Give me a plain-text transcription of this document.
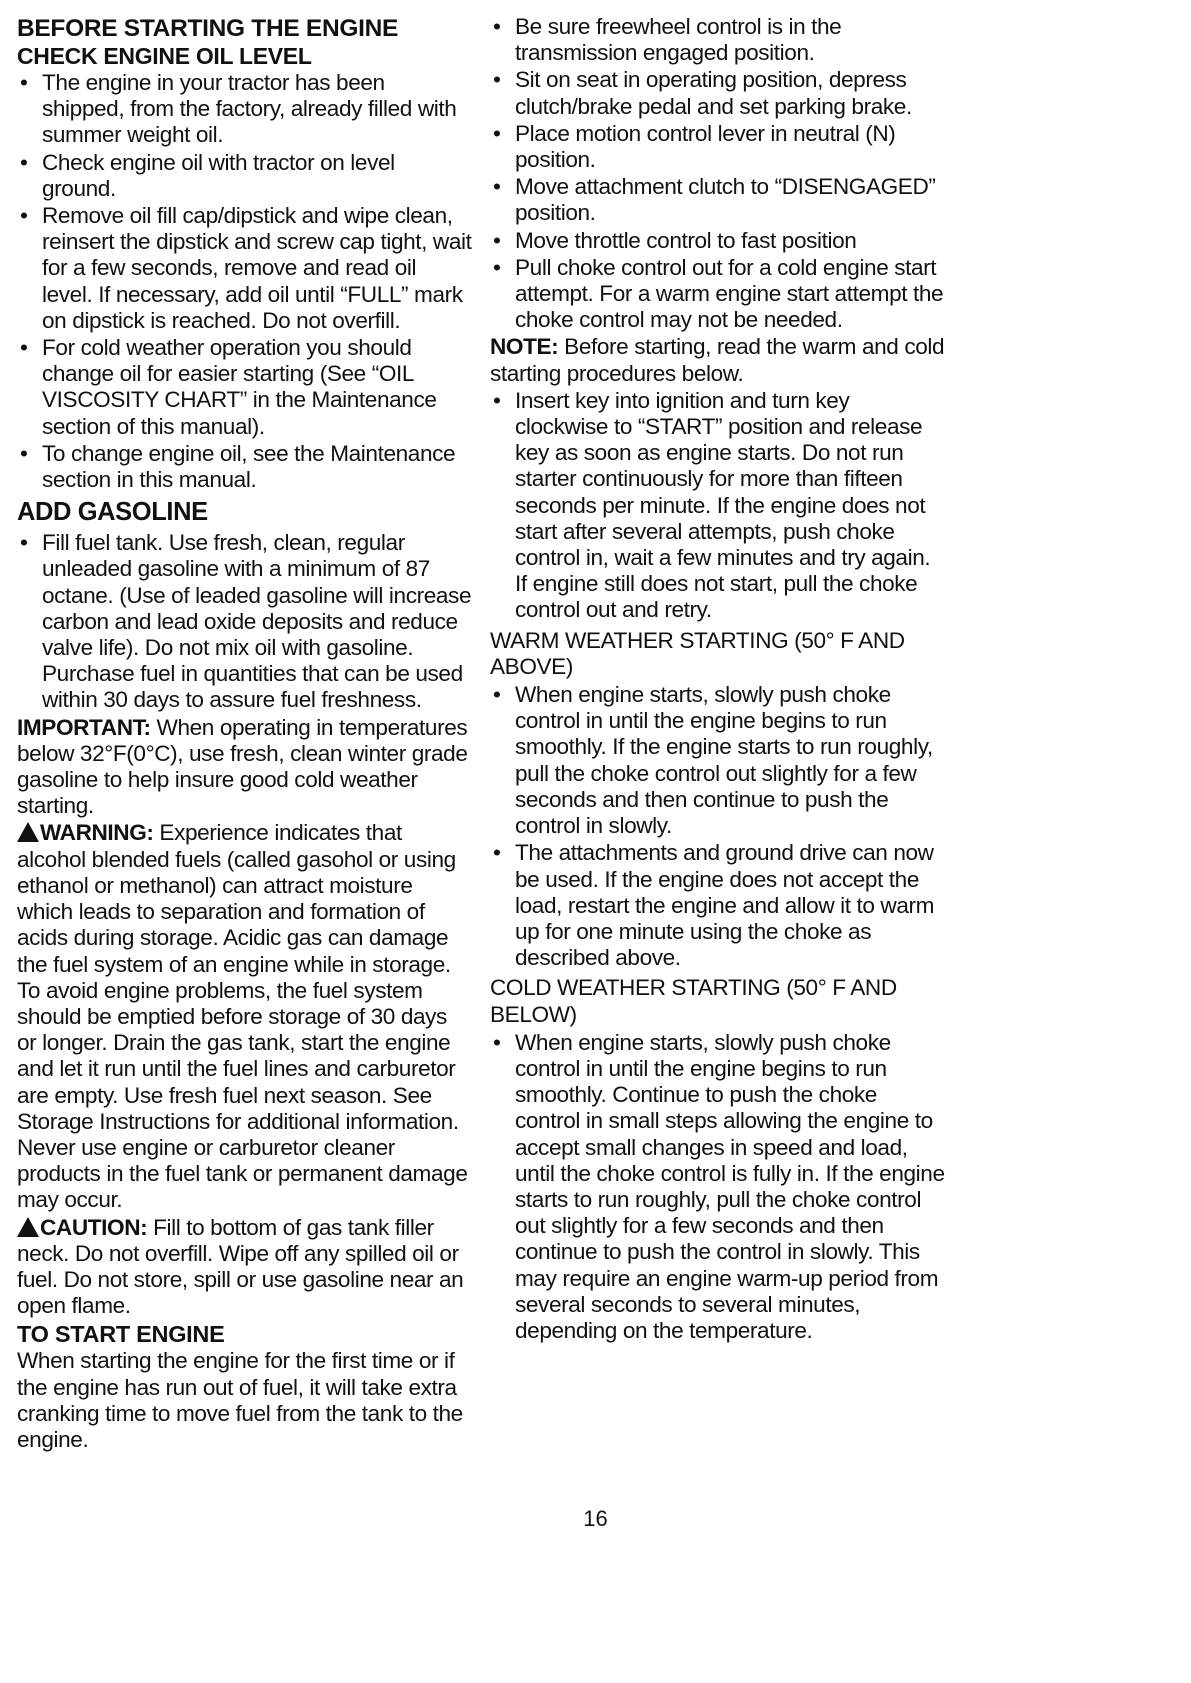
BEFORE STARTING THE ENGINE
CHECK ENGINE OIL LEVEL
• The engine in your tractor has been shipped, from the factory, already filled with summer weight oil.
• Check engine oil with tractor on level ground.
• Remove oil fill cap/dipstick and wipe clean, reinsert the dipstick and screw cap tight, wait for a few seconds, remove and read oil level. If necessary, add oil until “FULL” mark on dipstick is reached. Do not overfill.
• For cold weather operation you should change oil for easier starting (See “OIL VISCOSITY CHART” in the Maintenance section of this manual).
• To change engine oil, see the Maintenance section in this manual.
ADD GASOLINE
• Fill fuel tank. Use fresh, clean, regular unleaded gasoline with a minimum of 87 octane. (Use of leaded gasoline will increase carbon and lead oxide deposits and reduce valve life). Do not mix oil with gasoline. Purchase fuel in quantities that can be used within 30 days to assure fuel freshness.

IMPORTANT: When operating in temperatures below 32°F(0°C), use fresh, clean winter grade gasoline to help insure good cold weather starting.

WARNING: Experience indicates that alcohol blended fuels (called gasohol or using ethanol or methanol) can attract moisture which leads to separation and formation of acids during storage. Acidic gas can damage the fuel system of an engine while in storage. To avoid engine problems, the fuel system should be emptied before storage of 30 days or longer. Drain the gas tank, start the engine and let it run until the fuel lines and carburetor are empty. Use fresh fuel next season. See Storage Instructions for additional information. Never use engine or carburetor cleaner products in the fuel tank or permanent damage may occur.

CAUTION: Fill to bottom of gas tank filler neck. Do not overfill. Wipe off any spilled oil or fuel. Do not store, spill or use gasoline near an open flame.

TO START ENGINE

When starting the engine for the first time or if the engine has run out of fuel, it will take extra cranking time to move fuel from the tank to the engine.

• Be sure freewheel control is in the transmission engaged position.
• Sit on seat in operating position, depress clutch/brake pedal and set parking brake.
• Place motion control lever in neutral (N) position.
• Move attachment clutch to “DISENGAGED” position.
• Move throttle control to fast position
• Pull choke control out for a cold engine start attempt. For a warm engine start attempt the choke control may not be needed.

NOTE: Before starting, read the warm and cold starting procedures below.

• Insert key into ignition and turn key clockwise to “START” position and release key as soon as engine starts. Do not run starter continuously for more than fifteen seconds per minute. If the engine does not start after several attempts, push choke control in, wait a few minutes and try again. If engine still does not start, pull the choke control out and retry.
WARM WEATHER STARTING (50° F AND ABOVE)
• When engine starts, slowly push choke control in until the engine begins to run smoothly. If the engine starts to run roughly, pull the choke control out slightly for a few seconds and then continue to push the control in slowly.
• The attachments and ground drive can now be used. If the engine does not accept the load, restart the engine and allow it to warm up for one minute using the choke as described above.
COLD WEATHER STARTING (50° F AND BELOW)
• When engine starts, slowly push choke control in until the engine begins to run smoothly. Continue to push the choke control in small steps allowing the engine to accept small changes in speed and load, until the choke control is fully in. If the engine starts to run roughly, pull the choke control out slightly for a few seconds and then continue to push the control in slowly. This may require an engine warm-up period from several seconds to several minutes, depending on the temperature.
16
